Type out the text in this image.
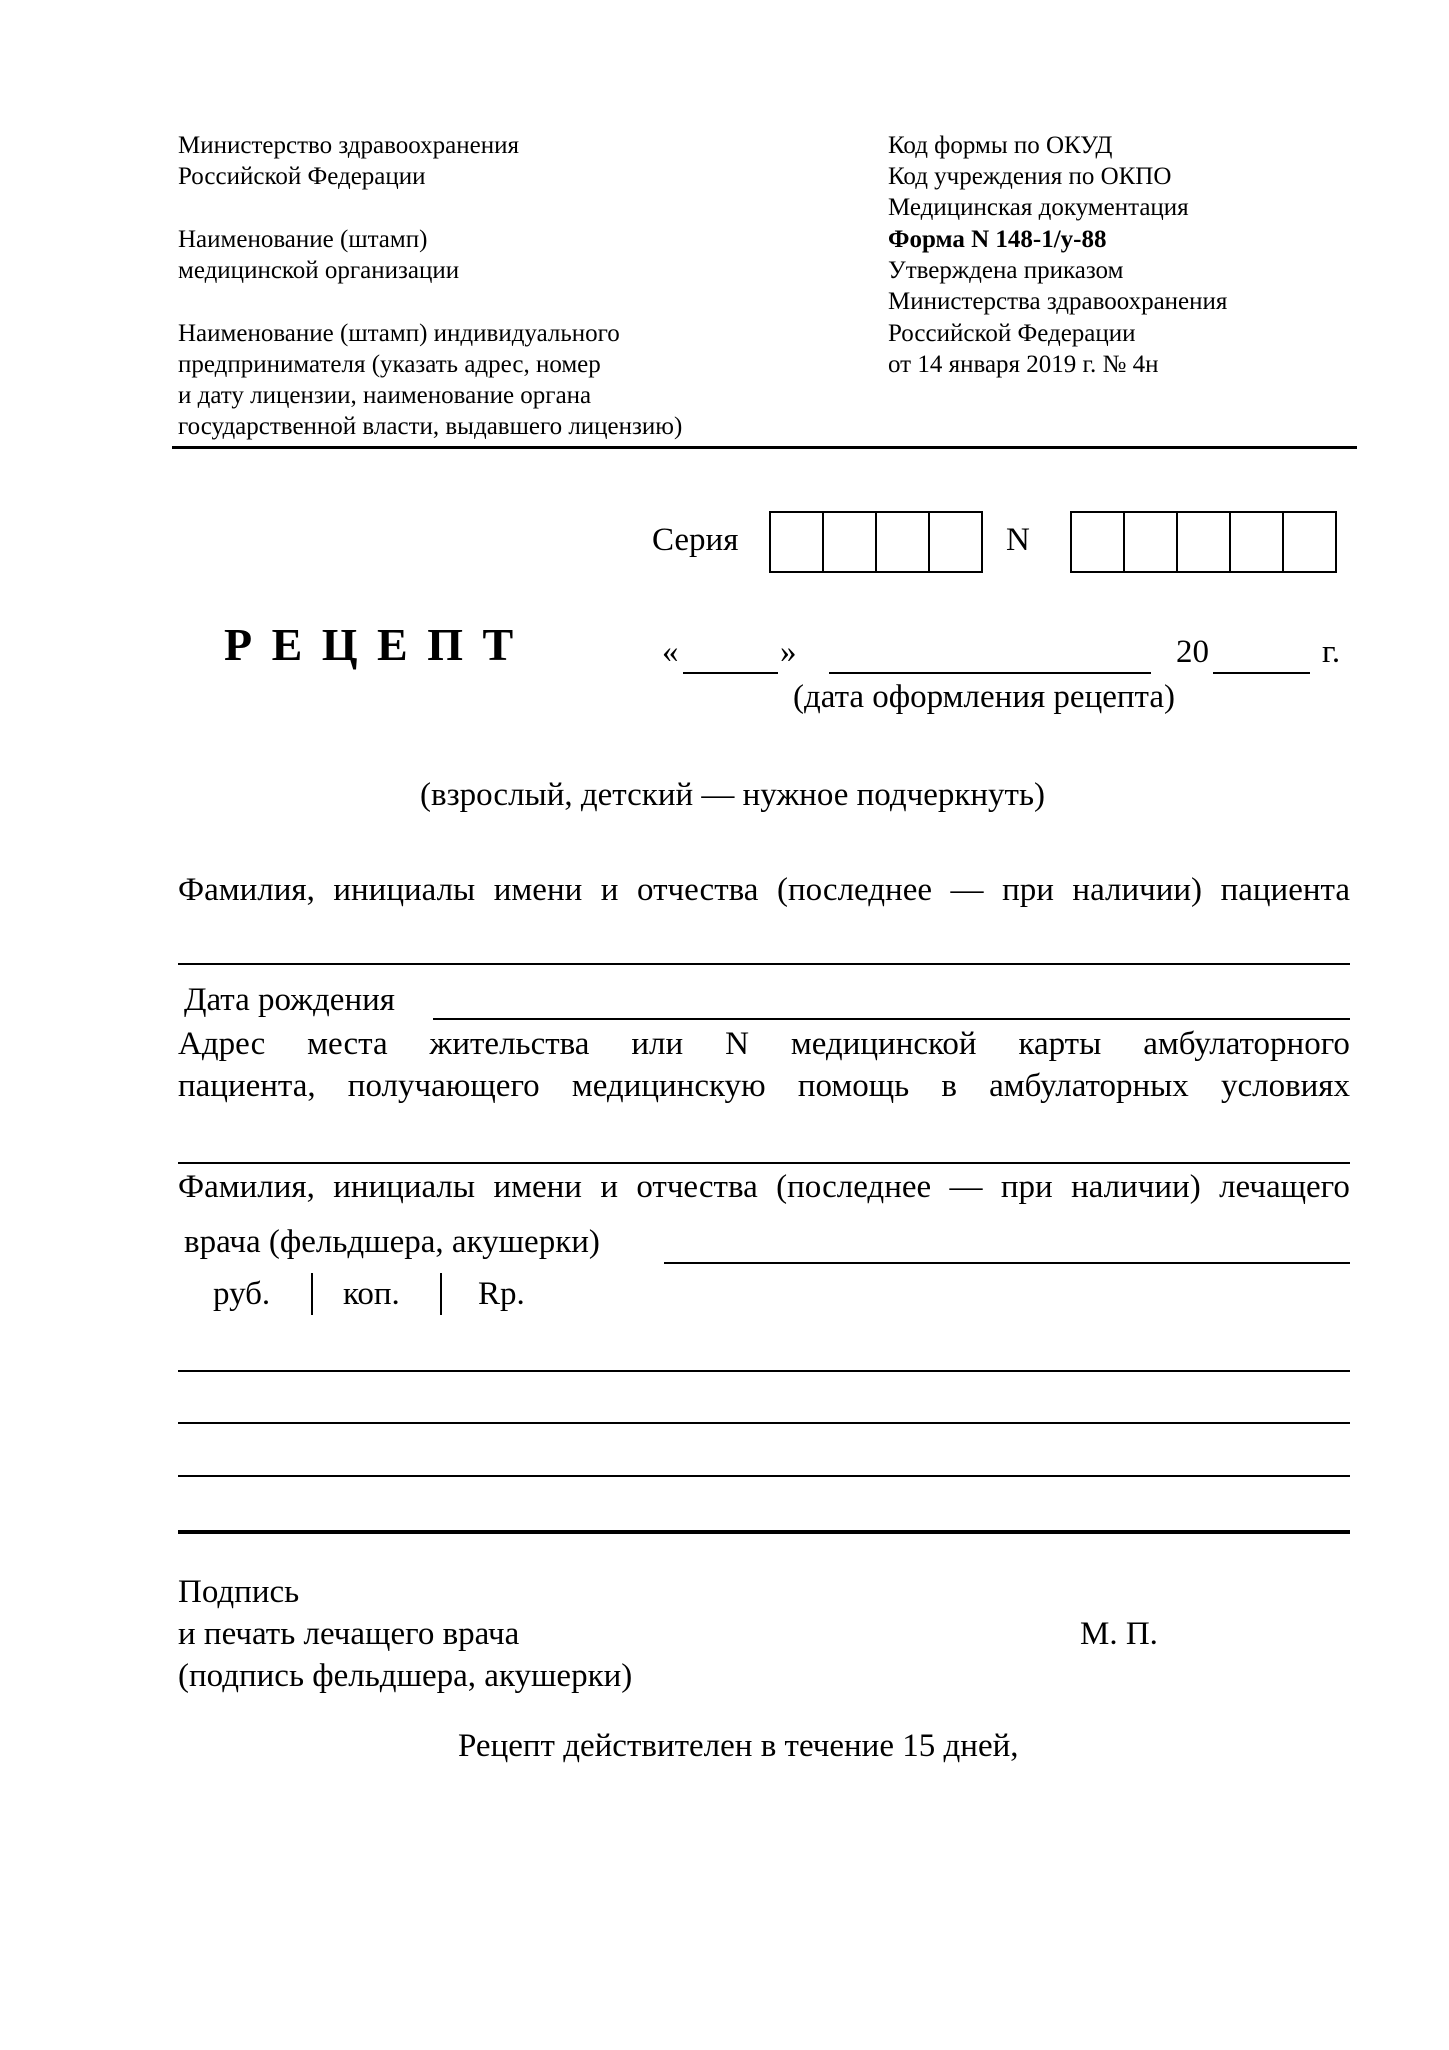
Министерство здравоохранения
Российской Федерации
Наименование (штамп)
медицинской организации
Наименование (штамп) индивидуального
предпринимателя (указать адрес, номер
и дату лицензии, наименование органа
государственной власти, выдавшего лицензию)
Код формы по ОКУД
Код учреждения по ОКПО
Медицинская документация
Форма N 148-1/у-88
Утверждена приказом
Министерства здравоохранения
Российской Федерации
от 14 января 2019 г. № 4н
Серия	N
Р Е Ц Е П Т	«	»	20	г.
(дата оформления рецепта)
(взрослый, детский — нужное подчеркнуть)
Фамилия, инициалы имени и отчества (последнее — при наличии) пациента
Дата рождения
Адрес места жительства или N медицинской карты амбулаторного
пациента, получающего медицинскую помощь в амбулаторных условиях
Фамилия, инициалы имени и отчества (последнее — при наличии) лечащего
врача (фельдшера, акушерки)
руб. коп. Rp.
Подпись
и печать лечащего врача
(подпись фельдшера, акушерки)
М. П.
Рецепт действителен в течение 15 дней,
